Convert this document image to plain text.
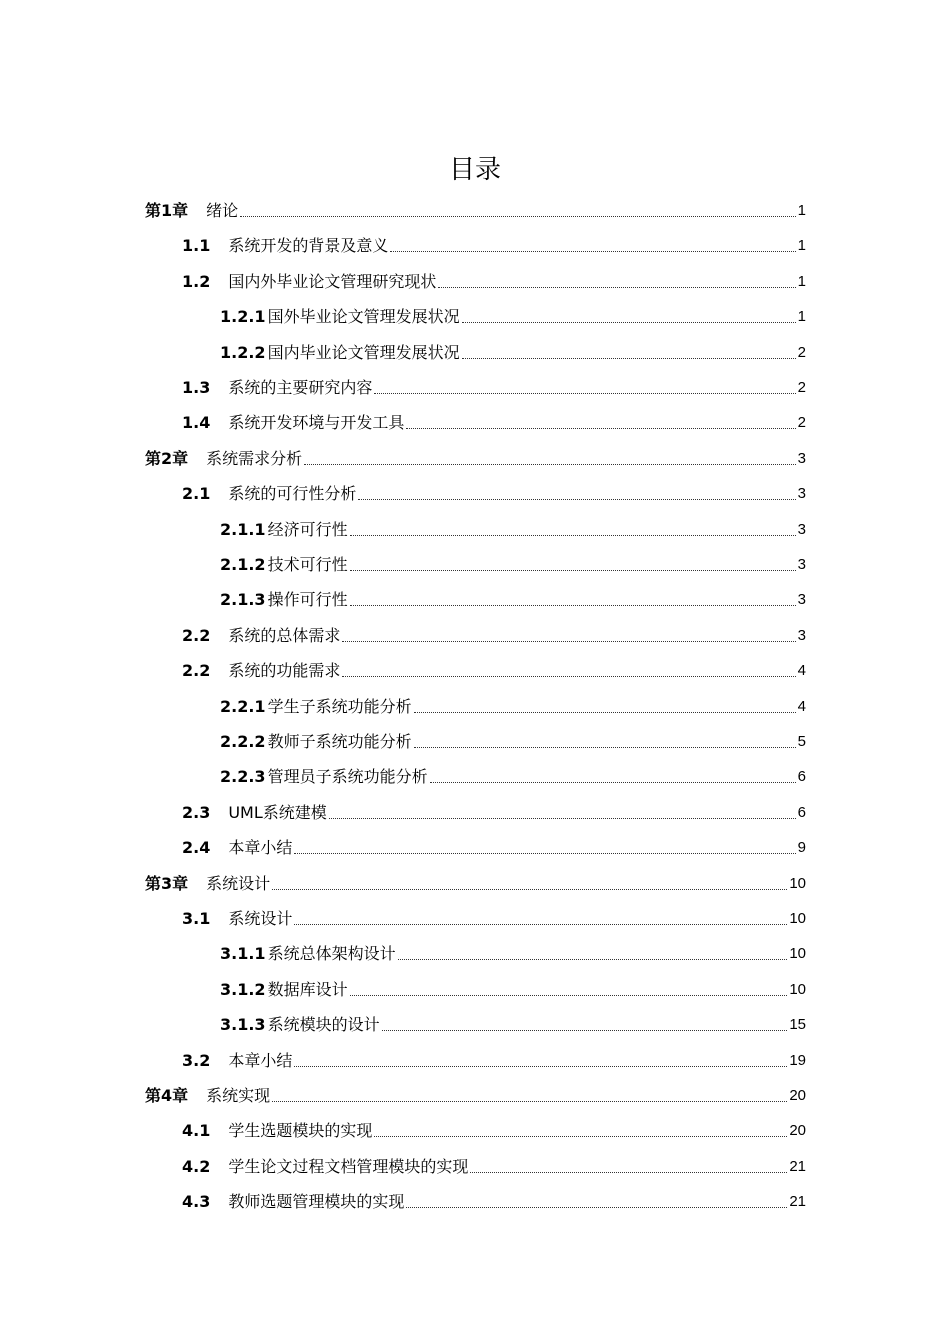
目录
第1章 绪论	1
1.1 系统开发的背景及意义	1
1.2 国内外毕业论文管理研究现状	1
1.2.1 国外毕业论文管理发展状况	1
1.2.2 国内毕业论文管理发展状况	2
1.3 系统的主要研究内容	2
1.4 系统开发环境与开发工具	2
第2章 系统需求分析	3
2.1 系统的可行性分析	3
2.1.1 经济可行性	3
2.1.2 技术可行性	3
2.1.3 操作可行性	3
2.2 系统的总体需求	3
2.2 系统的功能需求	4
2.2.1 学生子系统功能分析	4
2.2.2 教师子系统功能分析	5
2.2.3 管理员子系统功能分析	6
2.3 UML系统建模	6
2.4 本章小结	9
第3章 系统设计	10
3.1 系统设计	10
3.1.1 系统总体架构设计	10
3.1.2 数据库设计	10
3.1.3 系统模块的设计	15
3.2 本章小结	19
第4章 系统实现	20
4.1 学生选题模块的实现	20
4.2 学生论文过程文档管理模块的实现	21
4.3 教师选题管理模块的实现	21
